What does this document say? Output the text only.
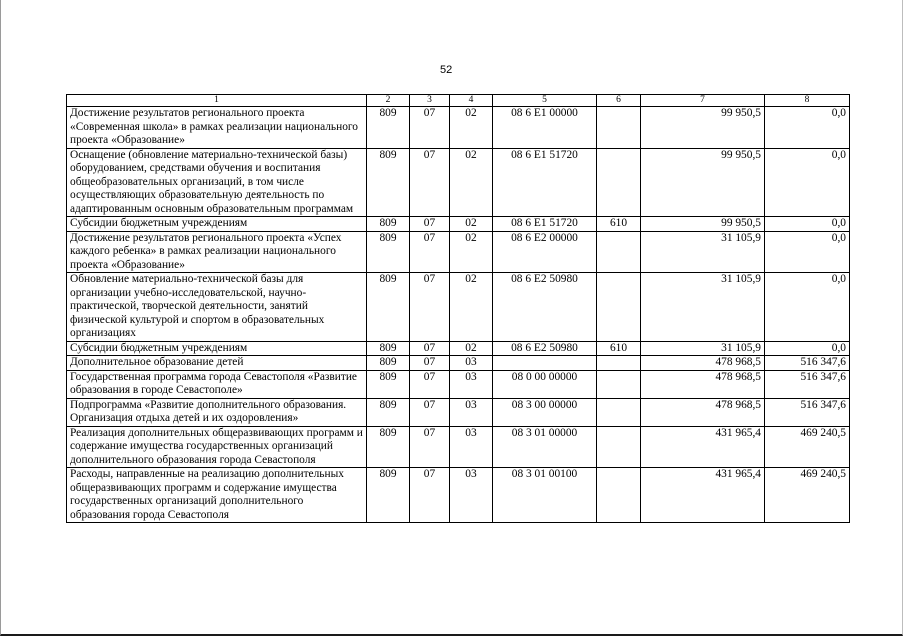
52
1	2	3	4	5	6	7	8
Достижение результатов регионального проекта «Современная школа» в рамках реализации национального проекта «Образование»	809	07	02	08 6 E1 00000		99 950,5	0,0
Оснащение (обновление материально-технической базы) оборудованием, средствами обучения и воспитания общеобразовательных организаций, в том числе осуществляющих образовательную деятельность по адаптированным основным образовательным программам	809	07	02	08 6 E1 51720		99 950,5	0,0
Субсидии бюджетным учреждениям	809	07	02	08 6 E1 51720	610	99 950,5	0,0
Достижение результатов регионального проекта «Успех каждого ребенка» в рамках реализации национального проекта «Образование»	809	07	02	08 6 E2 00000		31 105,9	0,0
Обновление материально-технической базы для организации учебно-исследовательской, научно-практической, творческой деятельности, занятий физической культурой и спортом в образовательных организациях	809	07	02	08 6 E2 50980		31 105,9	0,0
Субсидии бюджетным учреждениям	809	07	02	08 6 E2 50980	610	31 105,9	0,0
Дополнительное образование детей	809	07	03			478 968,5	516 347,6
Государственная программа города Севастополя «Развитие образования в городе Севастополе»	809	07	03	08 0 00 00000		478 968,5	516 347,6
Подпрограмма «Развитие дополнительного образования. Организация отдыха детей и их оздоровления»	809	07	03	08 3 00 00000		478 968,5	516 347,6
Реализация дополнительных общеразвивающих программ и содержание имущества государственных организаций дополнительного образования города Севастополя	809	07	03	08 3 01 00000		431 965,4	469 240,5
Расходы, направленные на реализацию дополнительных общеразвивающих программ и содержание имущества государственных организаций дополнительного образования города Севастополя	809	07	03	08 3 01 00100		431 965,4	469 240,5
